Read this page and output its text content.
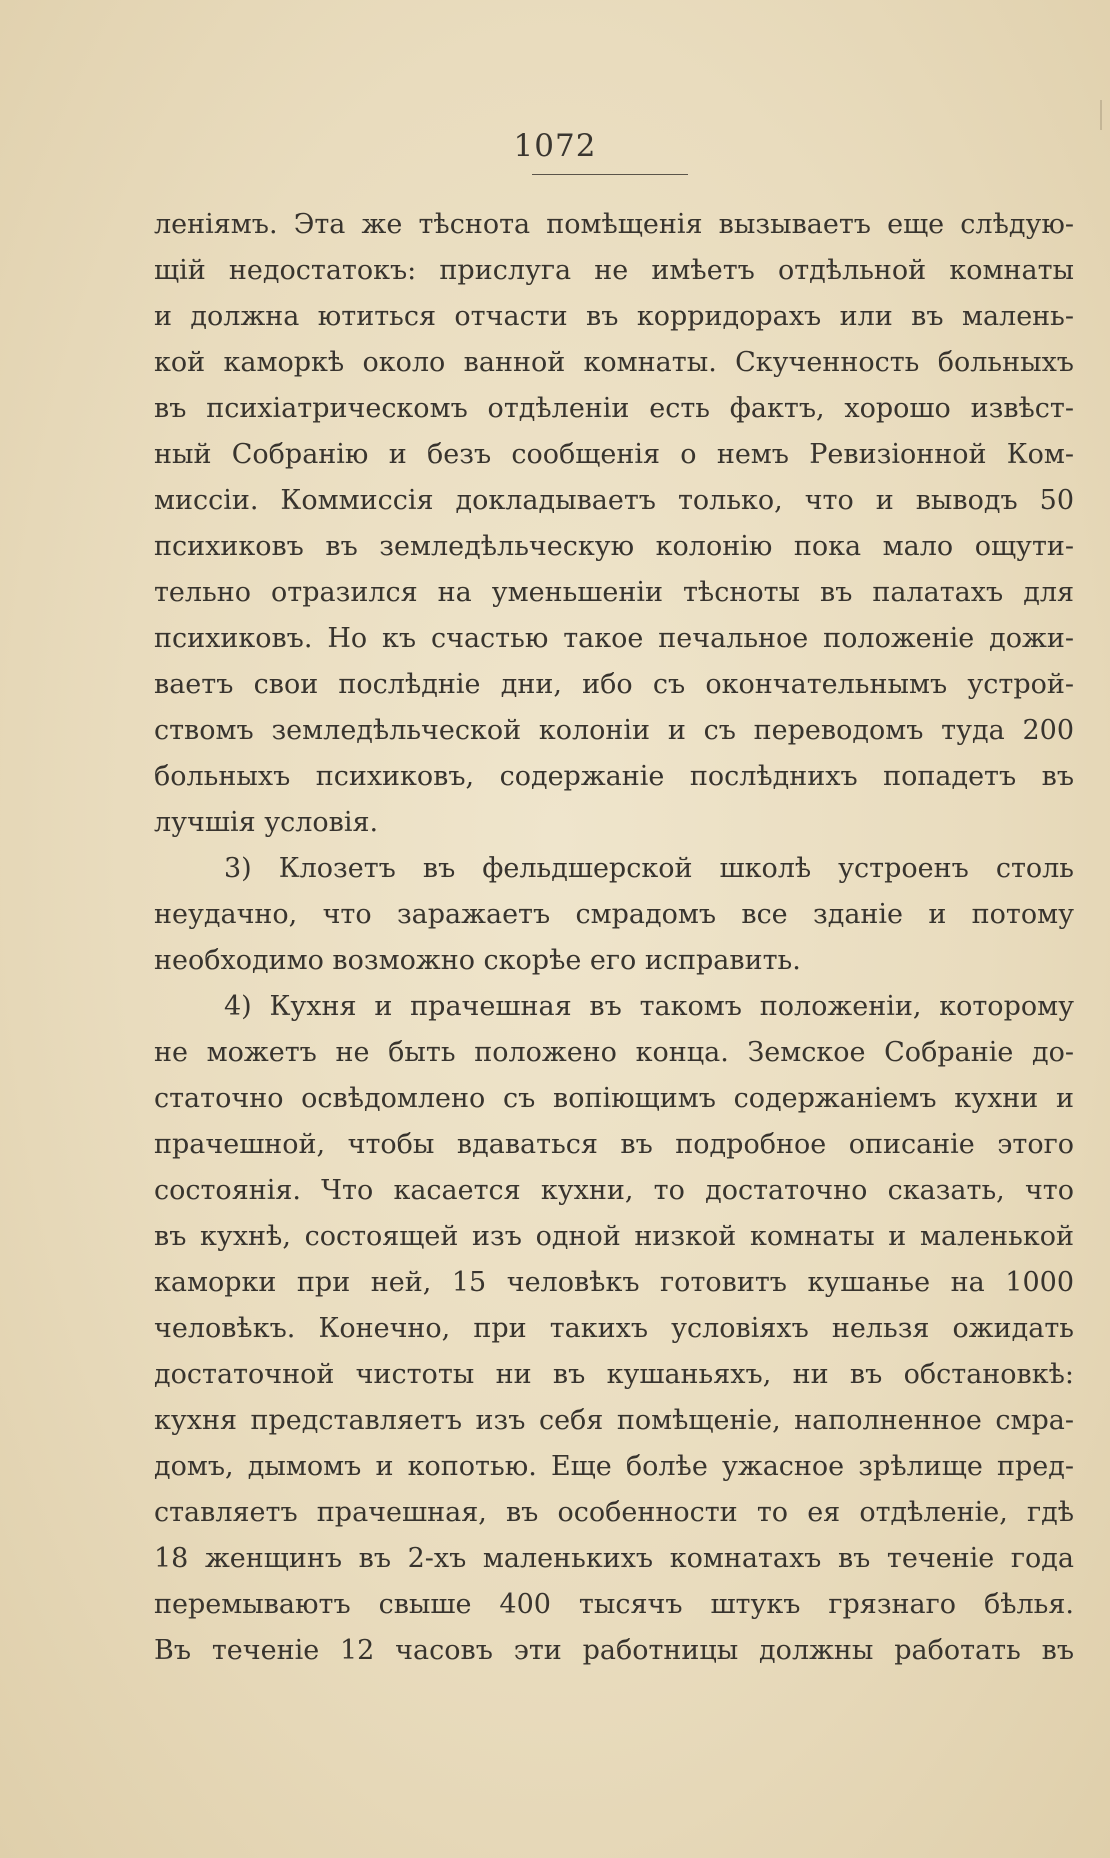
1072
леніямъ. Эта же тѣснота помѣщенія вызываетъ еще слѣдую-
щій недостатокъ: прислуга не имѣетъ отдѣльной комнаты
и должна ютиться отчасти въ корридорахъ или въ малень-
кой каморкѣ около ванной комнаты. Скученность больныхъ
въ психіатрическомъ отдѣленіи есть фактъ, хорошо извѣст-
ный Собранію и безъ сообщенія о немъ Ревизіонной Ком-
миссіи. Коммиссія докладываетъ только, что и выводъ 50
психиковъ въ земледѣльческую колонію пока мало ощути-
тельно отразился на уменьшеніи тѣсноты въ палатахъ для
психиковъ. Но къ счастью такое печальное положеніе дожи-
ваетъ свои послѣдніе дни, ибо съ окончательнымъ устрой-
ствомъ земледѣльческой колоніи и съ переводомъ туда 200
больныхъ психиковъ, содержаніе послѣднихъ попадетъ въ
лучшія условія.
3) Клозетъ въ фельдшерской школѣ устроенъ столь
неудачно, что заражаетъ смрадомъ все зданіе и потому
необходимо возможно скорѣе его исправить.
4) Кухня и прачешная въ такомъ положеніи, которому
не можетъ не быть положено конца. Земское Собраніе до-
статочно освѣдомлено съ вопіющимъ содержаніемъ кухни и
прачешной, чтобы вдаваться въ подробное описаніе этого
состоянія. Что касается кухни, то достаточно сказать, что
въ кухнѣ, состоящей изъ одной низкой комнаты и маленькой
каморки при ней, 15 человѣкъ готовитъ кушанье на 1000
человѣкъ. Конечно, при такихъ условіяхъ нельзя ожидать
достаточной чистоты ни въ кушаньяхъ, ни въ обстановкѣ:
кухня представляетъ изъ себя помѣщеніе, наполненное смра-
домъ, дымомъ и копотью. Еще болѣе ужасное зрѣлище пред-
ставляетъ прачешная, въ особенности то ея отдѣленіе, гдѣ
18 женщинъ въ 2-хъ маленькихъ комнатахъ въ теченіе года
перемываютъ свыше 400 тысячъ штукъ грязнаго бѣлья.
Въ теченіе 12 часовъ эти работницы должны работать въ
